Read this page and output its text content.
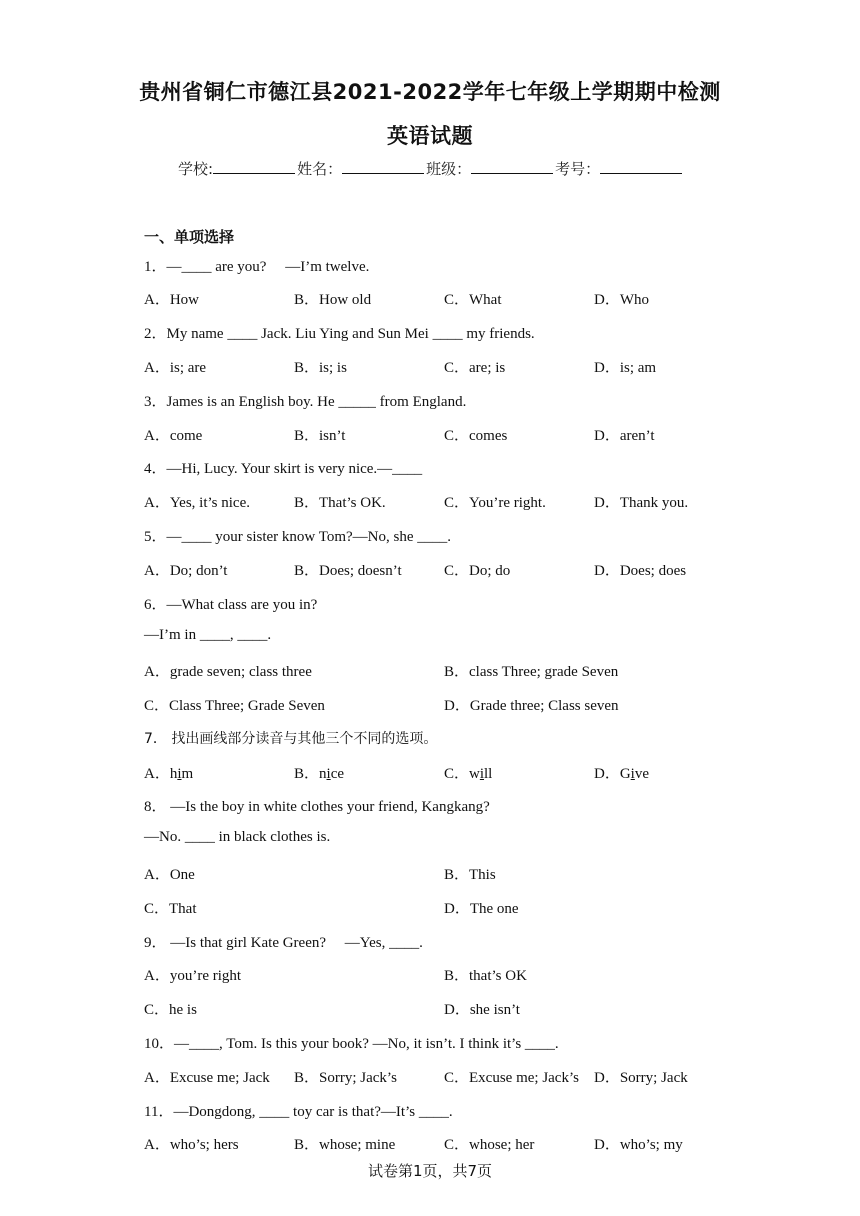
贵州省铜仁市德江县2021-2022学年七年级上学期期中检测
英语试题
学校:	姓名：	班级：	考号：
一、单项选择
1．—____ are you?　 —I’m twelve.
A．How	B．How old	C．What	D．Who
2．My name ____ Jack. Liu Ying and Sun Mei ____ my friends.
A．is; are	B．is; is	C．are; is	D．is; am
3．James is an English boy. He _____ from England.
A．come	B．isn’t	C．comes	D．aren’t
4．—Hi, Lucy. Your skirt is very nice.—____
A．Yes, it’s nice.	B．That’s OK.	C．You’re right.	D．Thank you.
5．—____ your sister know Tom?—No, she ____.
A．Do; don’t	B．Does; doesn’t	C．Do; do	D．Does; does
6．—What class are you in?
—I’m in ____, ____.
A．grade seven; class three	B．class Three; grade Seven
C．Class Three; Grade Seven	D．Grade three; Class seven
7． 找出画线部分读音与其他三个不同的选项。
A．him	B．nice	C．will	D．Give
8． —Is the boy in white clothes your friend, Kangkang?
—No. ____ in black clothes is.
A．One	B．This
C．That	D．The one
9． —Is that girl Kate Green?　 —Yes, ____.
A．you’re right	B．that’s OK
C．he is	D．she isn’t
10．—____, Tom. Is this your book? —No, it isn’t. I think it’s ____.
A．Excuse me; Jack B．Sorry; Jack’s	C．Excuse me; Jack’s D．Sorry; Jack
11．—Dongdong, ____ toy car is that?—It’s ____.
A．who’s; hers	B．whose; mine	C．whose; her	D．who’s; my
试卷第1页，共7页
